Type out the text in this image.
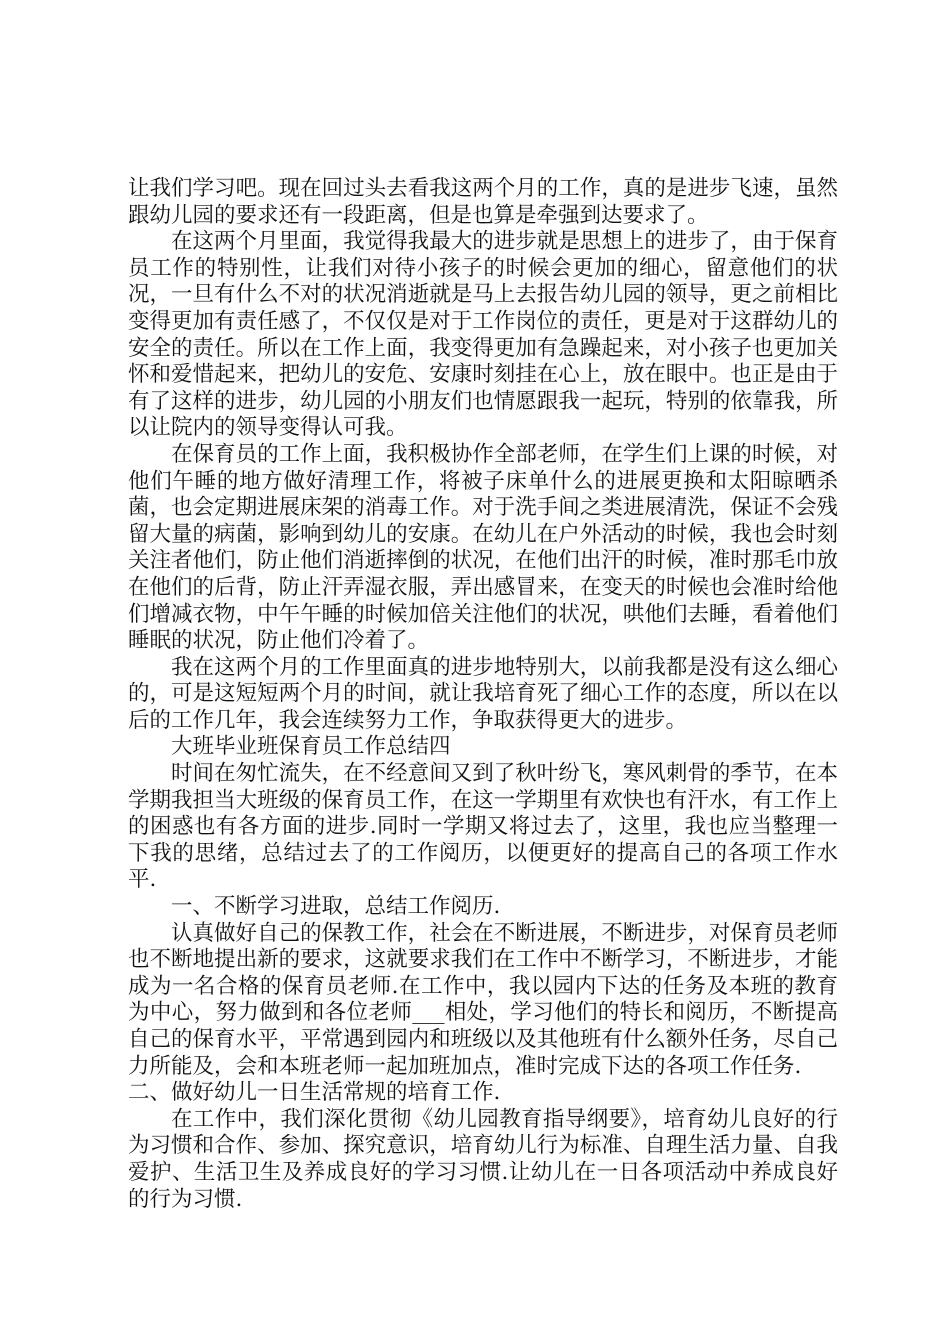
让我们学习吧。现在回过头去看我这两个月的工作，真的是进步飞速，虽然跟幼儿园的要求还有一段距离，但是也算是牵强到达要求了。

在这两个月里面，我觉得我最大的进步就是思想上的进步了，由于保育员工作的特别性，让我们对待小孩子的时候会更加的细心，留意他们的状况，一旦有什么不对的状况消逝就是马上去报告幼儿园的领导，更之前相比变得更加有责任感了，不仅仅是对于工作岗位的责任，更是对于这群幼儿的安全的责任。所以在工作上面，我变得更加有急躁起来，对小孩子也更加关怀和爱惜起来，把幼儿的安危、安康时刻挂在心上，放在眼中。也正是由于有了这样的进步，幼儿园的小朋友们也情愿跟我一起玩，特别的依靠我，所以让院内的领导变得认可我。

在保育员的工作上面，我积极协作全部老师，在学生们上课的时候，对他们午睡的地方做好清理工作，将被子床单什么的进展更换和太阳晾晒杀菌，也会定期进展床架的消毒工作。对于洗手间之类进展清洗，保证不会残留大量的病菌，影响到幼儿的安康。在幼儿在户外活动的时候，我也会时刻关注者他们，防止他们消逝摔倒的状况，在他们出汗的时候，准时那毛巾放在他们的后背，防止汗弄湿衣服，弄出感冒来，在变天的时候也会准时给他们增减衣物，中午午睡的时候加倍关注他们的状况，哄他们去睡，看着他们睡眠的状况，防止他们冷着了。

我在这两个月的工作里面真的进步地特别大，以前我都是没有这么细心的，可是这短短两个月的时间，就让我培育死了细心工作的态度，所以在以后的工作几年，我会连续努力工作，争取获得更大的进步。

大班毕业班保育员工作总结四

时间在匆忙流失，在不经意间又到了秋叶纷飞，寒风刺骨的季节，在本学期我担当大班级的保育员工作，在这一学期里有欢快也有汗水，有工作上的困惑也有各方面的进步.同时一学期又将过去了，这里，我也应当整理一下我的思绪，总结过去了的工作阅历，以便更好的提高自己的各项工作水平.

一、不断学习进取，总结工作阅历.

认真做好自己的保教工作，社会在不断进展，不断进步，对保育员老师也不断地提出新的要求，这就要求我们在工作中不断学习，不断进步，才能成为一名合格的保育员老师.在工作中，我以园内下达的任务及本班的教育为中心，努力做到和各位老师___相处，学习他们的特长和阅历，不断提高自己的保育水平，平常遇到园内和班级以及其他班有什么额外任务，尽自己力所能及，会和本班老师一起加班加点，准时完成下达的各项工作任务.

二、做好幼儿一日生活常规的培育工作.

在工作中，我们深化贯彻《幼儿园教育指导纲要》，培育幼儿良好的行为习惯和合作、参加、探究意识，培育幼儿行为标准、自理生活力量、自我爱护、生活卫生及养成良好的学习习惯.让幼儿在一日各项活动中养成良好的行为习惯.
